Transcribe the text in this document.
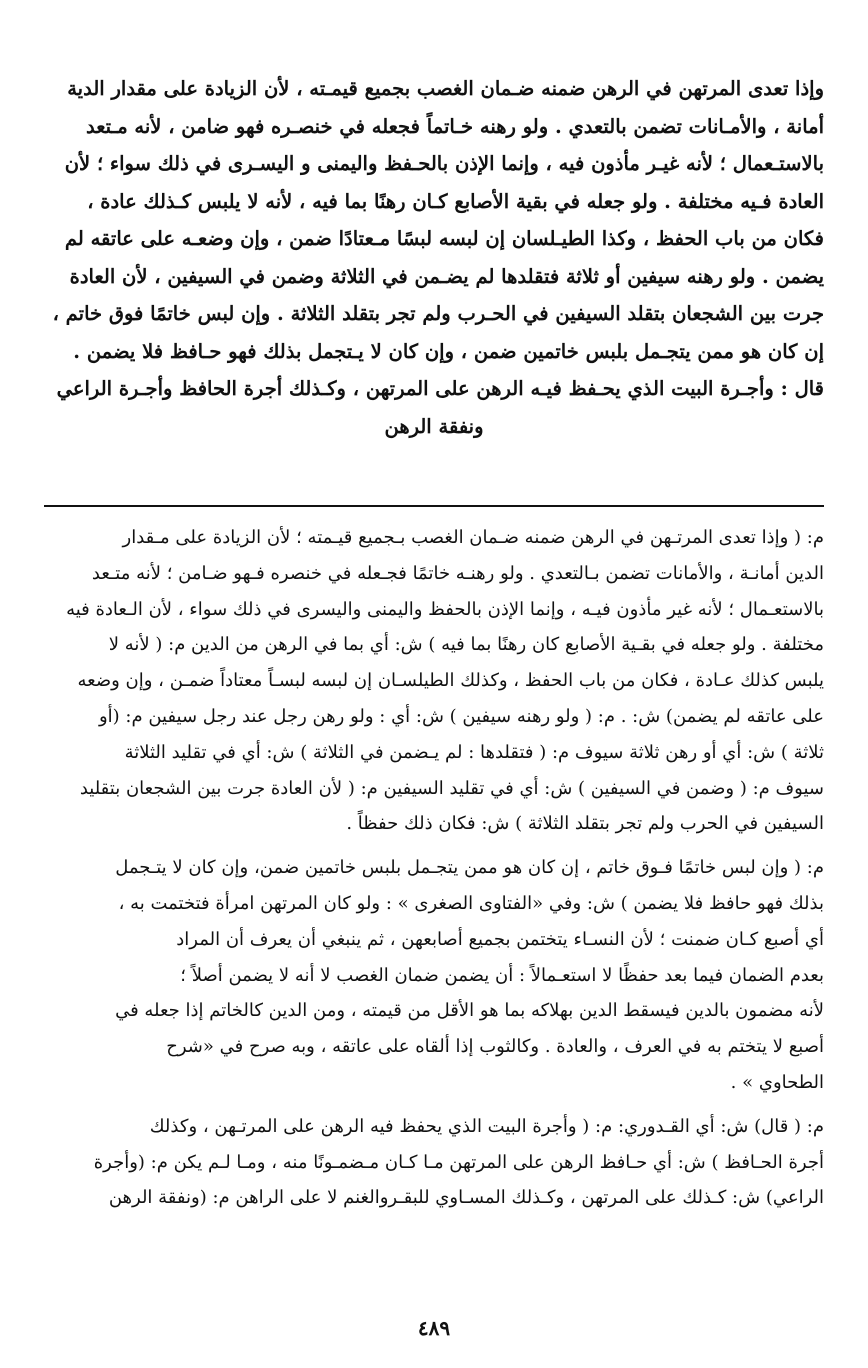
وإذا تعدى المرتهن في الرهن ضمنه ضـمان الغصب بجميع قيمـته ، لأن الزيادة على مقدار الدية
أمانة ، والأمـانات تضمن بالتعدي . ولو رهنه خـاتماً فجعله في خنصـره فهو ضامن ، لأنه مـتعد
بالاستـعمال ؛ لأنه غيـر مأذون فيه ، وإنما الإذن بالحـفظ واليمنى و اليسـرى في ذلك سواء ؛ لأن
العادة فـيه مختلفة . ولو جعله في بقية الأصابع كـان رهنًا بما فيه ، لأنه لا يلبس كـذلك عادة ،
فكان من باب الحفظ ، وكذا الطيـلسان إن لبسه لبسًا مـعتادًا ضمن ، وإن وضعـه على عاتقه لم
يضمن . ولو رهنه سيفين أو ثلاثة فتقلدها لم يضـمن في الثلاثة وضمن في السيفين ، لأن العادة
جرت بين الشجعان بتقلد السيفين في الحـرب ولم تجر بتقلد الثلاثة . وإن لبس خاتمًا فوق خاتم ،
إن كان هو ممن يتجـمل بلبس خاتمين ضمن ، وإن كان لا يـتجمل بذلك فهو حـافظ فلا يضمن .
قال : وأجـرة البيت الذي يحـفظ فيـه الرهن على المرتهن ، وكـذلك أجرة الحافظ وأجـرة الراعي
ونفقة الرهن
م: ( وإذا تعدى المرتـهن في الرهن ضمنه ضـمان الغصب بـجميع قيـمته ؛ لأن الزيادة على مـقدار
الدين أمانـة ، والأمانات تضمن بـالتعدي . ولو رهنـه خاتمًا فجـعله في خنصره فـهو ضـامن ؛ لأنه متـعد
بالاستعـمال ؛ لأنه غير مأذون فيـه ، وإنما الإذن بالحفظ واليمنى واليسرى في ذلك سواء ، لأن الـعادة فيه
مختلفة . ولو جعله في بقـية الأصابع كان رهنًا بما فيه ) ش: أي بما في الرهن من الدين م: ( لأنه لا
يلبس كذلك عـادة ، فكان من باب الحفظ ، وكذلك الطيلسـان إن لبسه لبسـاً معتاداً ضمـن ، وإن وضعه
على عاتقه لم يضمن) ش: . م: ( ولو رهنه سيفين ) ش: أي : ولو رهن رجل عند رجل سيفين م: (أو
ثلاثة ) ش: أي أو رهن ثلاثة سيوف م: ( فتقلدها : لم يـضمن في الثلاثة ) ش: أي في تقليد الثلاثة
سيوف م: ( وضمن في السيفين ) ش: أي في تقليد السيفين م: ( لأن العادة جرت بين الشجعان بتقليد
السيفين في الحرب ولم تجر بتقلد الثلاثة ) ش: فكان ذلك حفظاً .
م: ( وإن لبس خاتمًا فـوق خاتم ، إن كان هو ممن يتجـمل بلبس خاتمين ضمن، وإن كان لا يتـجمل
بذلك فهو حافظ فلا يضمن ) ش: وفي «الفتاوى الصغرى » : ولو كان المرتهن امرأة فتختمت به ،
أي أصبع كـان ضمنت ؛ لأن النسـاء يتختمن بجميع أصابعهن ، ثم ينبغي أن يعرف أن المراد
بعدم الضمان فيما بعد حفظًا لا استعـمالاً : أن يضمن ضمان الغصب لا أنه لا يضمن أصلاً ؛
لأنه مضمون بالدين فيسقط الدين بهلاكه بما هو الأقل من قيمته ، ومن الدين كالخاتم إذا جعله في
أصبع لا يتختم به في العرف ، والعادة . وكالثوب إذا ألقاه على عاتقه ، وبه صرح في «شرح
الطحاوي » .
م: ( قال) ش: أي القـدوري: م: ( وأجرة البيت الذي يحفظ فيه الرهن على المرتـهن ، وكذلك
أجرة الحـافظ ) ش: أي حـافظ الرهن على المرتهن مـا كـان مـضمـونًا منه ، ومـا لـم يكن م: (وأجرة
الراعي) ش: كـذلك على المرتهن ، وكـذلك المسـاوي للبقـروالغنم لا على الراهن م: (ونفقة الرهن
٤٨٩
